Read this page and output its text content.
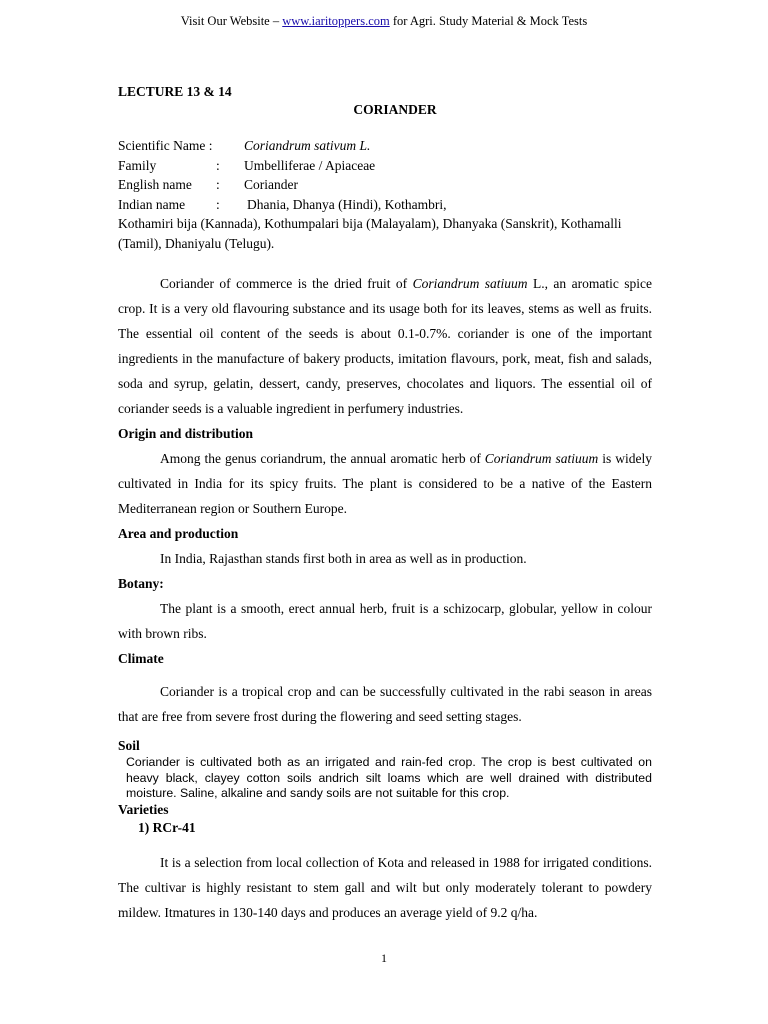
Visit Our Website – www.iaritoppers.com for Agri. Study Material & Mock Tests
LECTURE 13 & 14
CORIANDER
Scientific Name :	Coriandrum sativum L.
Family	:	Umbelliferae / Apiaceae
English name	:	Coriander
Indian name	:	Dhania, Dhanya (Hindi), Kothambri,
Kothamiri bija (Kannada), Kothumpalari bija (Malayalam), Dhanyaka (Sanskrit), Kothamalli (Tamil), Dhaniyalu (Telugu).

Coriander of commerce is the dried fruit of Coriandrum satiuum L., an aromatic spice crop. It is a very old flavouring substance and its usage both for its leaves, stems as well as fruits. The essential oil content of the seeds is about 0.1-0.7%. coriander is one of the important ingredients in the manufacture of bakery products, imitation flavours, pork, meat, fish and salads, soda and syrup, gelatin, dessert, candy, preserves, chocolates and liquors. The essential oil of coriander seeds is a valuable ingredient in perfumery industries.

Origin and distribution

Among the genus coriandrum, the annual aromatic herb of Coriandrum satiuum is widely cultivated in India for its spicy fruits. The plant is considered to be a native of the Eastern Mediterranean region or Southern Europe.

Area and production

In India, Rajasthan stands first both in area as well as in production.

Botany:

The plant is a smooth, erect annual herb, fruit is a schizocarp, globular, yellow in colour with brown ribs.

Climate

Coriander is a tropical crop and can be successfully cultivated in the rabi season in areas that are free from severe frost during the flowering and seed setting stages.

Soil

Coriander is cultivated both as an irrigated and rain-fed crop. The crop is best cultivated on heavy black, clayey cotton soils andrich silt loams which are well drained with distributed moisture. Saline, alkaline and sandy soils are not suitable for this crop.

Varieties

1) RCr-41

It is a selection from local collection of Kota and released in 1988 for irrigated conditions. The cultivar is highly resistant to stem gall and wilt but only moderately tolerant to powdery mildew. Itmatures in 130-140 days and produces an average yield of 9.2 q/ha.

1
